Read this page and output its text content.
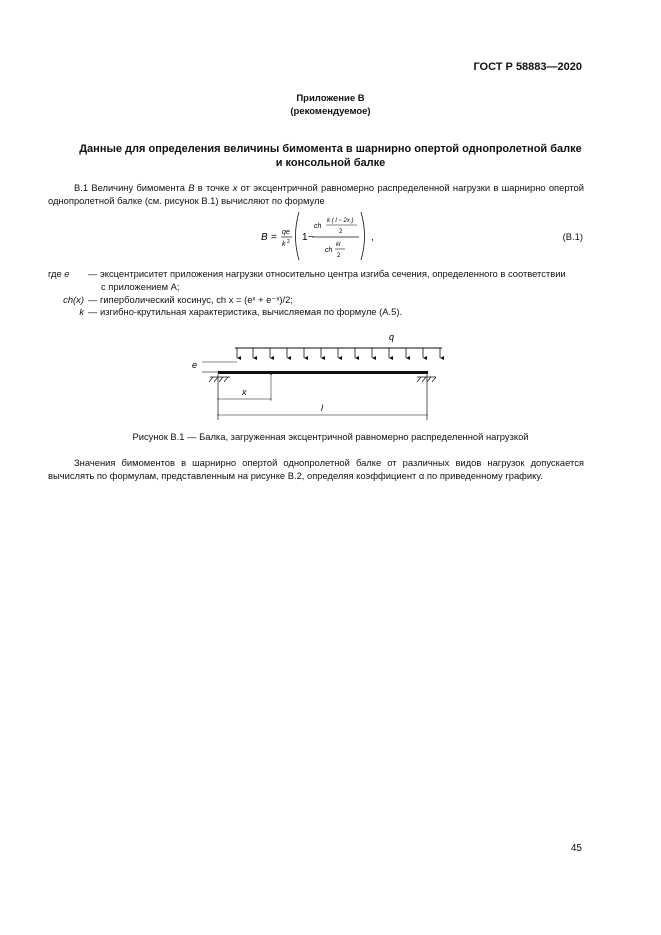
ГОСТ Р 58883—2020
Приложение В
(рекомендуемое)
Данные для определения величины бимомента в шарнирно опертой однопролетной балке
и консольной балке
В.1 Величину бимомента B в точке x от эксцентричной равномерно распределенной нагрузки в шарнирно опертой однопролетной балке (см. рисунок В.1) вычисляют по формуле
B = qe
k 2 1 −
ch
k ( l − 2x )
2
ch
kl
2
,	(В.1)
где e — эксцентриситет приложения нагрузки относительно центра изгиба сечения, определенного в соответствии
с приложением А;
ch(x) — гиперболический косинус, ch x = (eˣ + e⁻ˣ)/2;
k — изгибно-крутильная характеристика, вычисляемая по формуле (А.5).
q
e
x
l
Рисунок В.1 — Балка, загруженная эксцентричной равномерно распределенной нагрузкой
Значения бимоментов в шарнирно опертой однопролетной балке от различных видов нагрузок допускается вычислять по формулам, представленным на рисунке В.2, определяя коэффициент α по приведенному графику.
45
